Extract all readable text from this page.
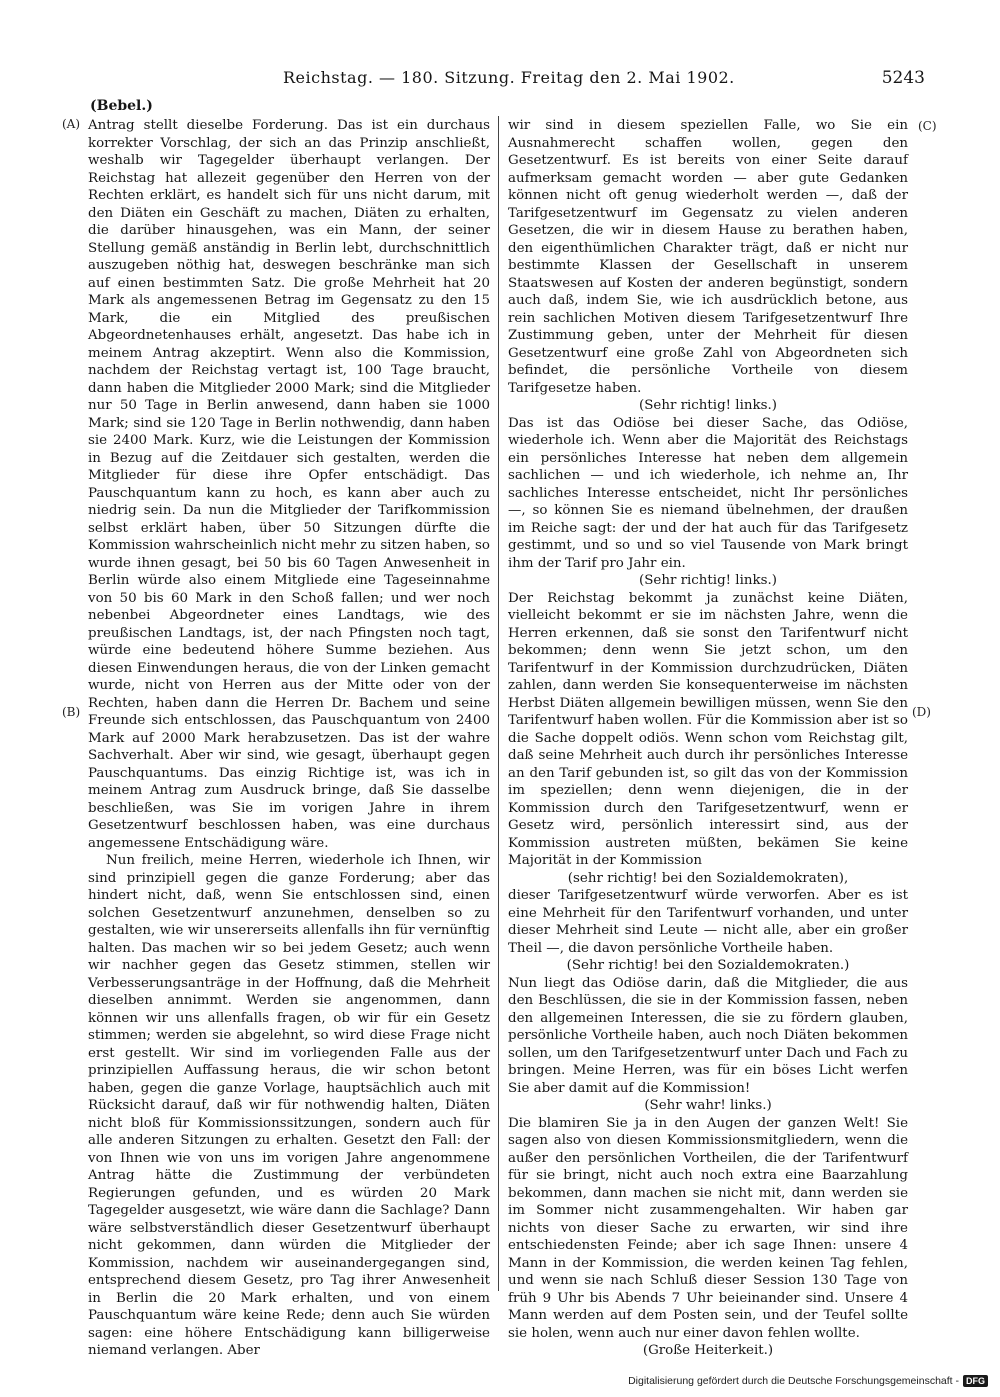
Reichstag. — 180. Sitzung. Freitag den 2. Mai 1902.	5243
(Bebel.)
(A)
(B)
(C)
(D)

Antrag stellt dieselbe Forderung. Das ist ein durchaus korrekter Vorschlag, der sich an das Prinzip anschließt, weshalb wir Tagegelder überhaupt verlangen. Der Reichstag hat allezeit gegenüber den Herren von der Rechten erklärt, es handelt sich für uns nicht darum, mit den Diäten ein Geschäft zu machen, Diäten zu erhalten, die darüber hinausgehen, was ein Mann, der seiner Stellung gemäß anständig in Berlin lebt, durchschnittlich auszugeben nöthig hat, deswegen beschränke man sich auf einen bestimmten Satz. Die große Mehrheit hat 20 Mark als angemessenen Betrag im Gegensatz zu den 15 Mark, die ein Mitglied des preußischen Abgeordnetenhauses erhält, angesetzt. Das habe ich in meinem Antrag akzeptirt. Wenn also die Kommission, nachdem der Reichstag vertagt ist, 100 Tage braucht, dann haben die Mitglieder 2000 Mark; sind die Mitglieder nur 50 Tage in Berlin anwesend, dann haben sie 1000 Mark; sind sie 120 Tage in Berlin nothwendig, dann haben sie 2400 Mark. Kurz, wie die Leistungen der Kommission in Bezug auf die Zeitdauer sich gestalten, werden die Mitglieder für diese ihre Opfer entschädigt. Das Pauschquantum kann zu hoch, es kann aber auch zu niedrig sein. Da nun die Mitglieder der Tarifkommission selbst erklärt haben, über 50 Sitzungen dürfte die Kommission wahrscheinlich nicht mehr zu sitzen haben, so wurde ihnen gesagt, bei 50 bis 60 Tagen Anwesenheit in Berlin würde also einem Mitgliede eine Tageseinnahme von 50 bis 60 Mark in den Schoß fallen; und wer noch nebenbei Abgeordneter eines Landtags, wie des preußischen Landtags, ist, der nach Pfingsten noch tagt, würde eine bedeutend höhere Summe beziehen. Aus diesen Einwendungen heraus, die von der Linken gemacht wurde, nicht von Herren aus der Mitte oder von der Rechten, haben dann die Herren Dr. Bachem und seine Freunde sich entschlossen, das Pauschquantum von 2400 Mark auf 2000 Mark herabzusetzen. Das ist der wahre Sachverhalt. Aber wir sind, wie gesagt, überhaupt gegen Pauschquantums. Das einzig Richtige ist, was ich in meinem Antrag zum Ausdruck bringe, daß Sie dasselbe beschließen, was Sie im vorigen Jahre in ihrem Gesetzentwurf beschlossen haben, was eine durchaus angemessene Entschädigung wäre.

Nun freilich, meine Herren, wiederhole ich Ihnen, wir sind prinzipiell gegen die ganze Forderung; aber das hindert nicht, daß, wenn Sie entschlossen sind, einen solchen Gesetzentwurf anzunehmen, denselben so zu gestalten, wie wir unsererseits allenfalls ihn für vernünftig halten. Das machen wir so bei jedem Gesetz; auch wenn wir nachher gegen das Gesetz stimmen, stellen wir Verbesserungsanträge in der Hoffnung, daß die Mehrheit dieselben annimmt. Werden sie angenommen, dann können wir uns allenfalls fragen, ob wir für ein Gesetz stimmen; werden sie abgelehnt, so wird diese Frage nicht erst gestellt. Wir sind im vorliegenden Falle aus der prinzipiellen Auffassung heraus, die wir schon betont haben, gegen die ganze Vorlage, hauptsächlich auch mit Rücksicht darauf, daß wir für nothwendig halten, Diäten nicht bloß für Kommissionssitzungen, sondern auch für alle anderen Sitzungen zu erhalten. Gesetzt den Fall: der von Ihnen wie von uns im vorigen Jahre angenommene Antrag hätte die Zustimmung der verbündeten Regierungen gefunden, und es würden 20 Mark Tagegelder ausgesetzt, wie wäre dann die Sachlage? Dann wäre selbstverständlich dieser Gesetzentwurf überhaupt nicht gekommen, dann würden die Mitglieder der Kommission, nachdem wir auseinandergegangen sind, entsprechend diesem Gesetz, pro Tag ihrer Anwesenheit in Berlin die 20 Mark erhalten, und von einem Pauschquantum wäre keine Rede; denn auch Sie würden sagen: eine höhere Entschädigung kann billigerweise niemand verlangen. Aber

wir sind in diesem speziellen Falle, wo Sie ein Ausnahmerecht schaffen wollen, gegen den Gesetzentwurf. Es ist bereits von einer Seite darauf aufmerksam gemacht worden — aber gute Gedanken können nicht oft genug wiederholt werden —, daß der Tarifgesetzentwurf im Gegensatz zu vielen anderen Gesetzen, die wir in diesem Hause zu berathen haben, den eigenthümlichen Charakter trägt, daß er nicht nur bestimmte Klassen der Gesellschaft in unserem Staatswesen auf Kosten der anderen begünstigt, sondern auch daß, indem Sie, wie ich ausdrücklich betone, aus rein sachlichen Motiven diesem Tarifgesetzentwurf Ihre Zustimmung geben, unter der Mehrheit für diesen Gesetzentwurf eine große Zahl von Abgeordneten sich befindet, die persönliche Vortheile von diesem Tarifgesetze haben.

(Sehr richtig! links.)

Das ist das Odiöse bei dieser Sache, das Odiöse, wiederhole ich. Wenn aber die Majorität des Reichstags ein persönliches Interesse hat neben dem allgemein sachlichen — und ich wiederhole, ich nehme an, Ihr sachliches Interesse entscheidet, nicht Ihr persönliches —, so können Sie es niemand übelnehmen, der draußen im Reiche sagt: der und der hat auch für das Tarifgesetz gestimmt, und so und so viel Tausende von Mark bringt ihm der Tarif pro Jahr ein.

(Sehr richtig! links.)

Der Reichstag bekommt ja zunächst keine Diäten, vielleicht bekommt er sie im nächsten Jahre, wenn die Herren erkennen, daß sie sonst den Tarifentwurf nicht bekommen; denn wenn Sie jetzt schon, um den Tarifentwurf in der Kommission durchzudrücken, Diäten zahlen, dann werden Sie konsequenterweise im nächsten Herbst Diäten allgemein bewilligen müssen, wenn Sie den Tarifentwurf haben wollen. Für die Kommission aber ist so die Sache doppelt odiös. Wenn schon vom Reichstag gilt, daß seine Mehrheit auch durch ihr persönliches Interesse an den Tarif gebunden ist, so gilt das von der Kommission im speziellen; denn wenn diejenigen, die in der Kommission durch den Tarifgesetzentwurf, wenn er Gesetz wird, persönlich interessirt sind, aus der Kommission austreten müßten, bekämen Sie keine Majorität in der Kommission

(sehr richtig! bei den Sozialdemokraten),

dieser Tarifgesetzentwurf würde verworfen. Aber es ist eine Mehrheit für den Tarifentwurf vorhanden, und unter dieser Mehrheit sind Leute — nicht alle, aber ein großer Theil —, die davon persönliche Vortheile haben.

(Sehr richtig! bei den Sozialdemokraten.)

Nun liegt das Odiöse darin, daß die Mitglieder, die aus den Beschlüssen, die sie in der Kommission fassen, neben den allgemeinen Interessen, die sie zu fördern glauben, persönliche Vortheile haben, auch noch Diäten bekommen sollen, um den Tarifgesetzentwurf unter Dach und Fach zu bringen. Meine Herren, was für ein böses Licht werfen Sie aber damit auf die Kommission!

(Sehr wahr! links.)

Die blamiren Sie ja in den Augen der ganzen Welt! Sie sagen also von diesen Kommissionsmitgliedern, wenn die außer den persönlichen Vortheilen, die der Tarifentwurf für sie bringt, nicht auch noch extra eine Baarzahlung bekommen, dann machen sie nicht mit, dann werden sie im Sommer nicht zusammengehalten. Wir haben gar nichts von dieser Sache zu erwarten, wir sind ihre entschiedensten Feinde; aber ich sage Ihnen: unsere 4 Mann in der Kommission, die werden keinen Tag fehlen, und wenn sie nach Schluß dieser Session 130 Tage von früh 9 Uhr bis Abends 7 Uhr beieinander sind. Unsere 4 Mann werden auf dem Posten sein, und der Teufel sollte sie holen, wenn auch nur einer davon fehlen wollte.

(Große Heiterkeit.)

Digitalisierung gefördert durch die Deutsche Forschungsgemeinschaft - DFG
